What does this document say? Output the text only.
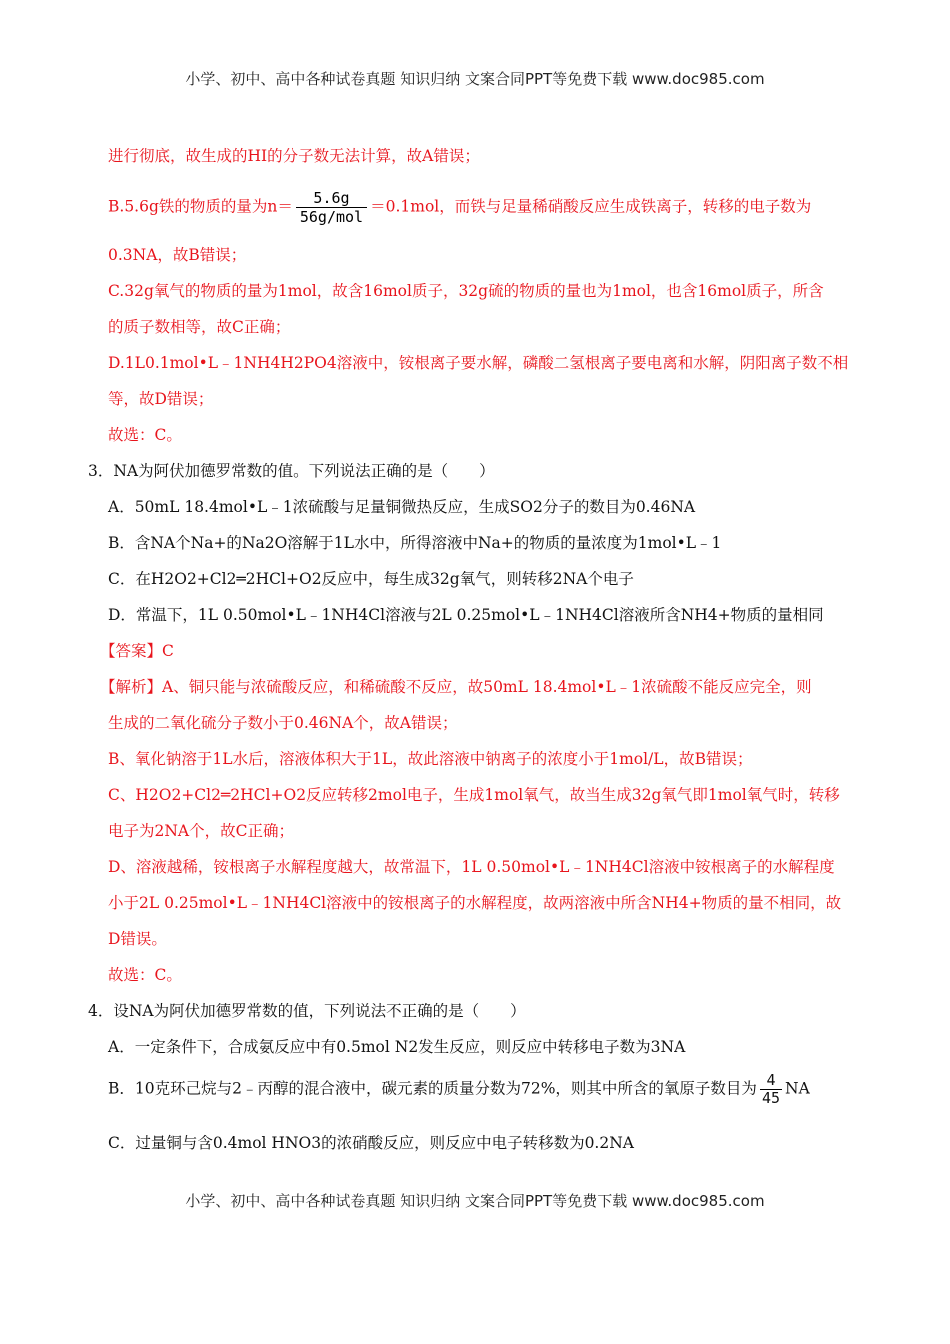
小学、初中、高中各种试卷真题 知识归纳 文案合同PPT等免费下载 www.doc985.com
进行彻底，故生成的HI的分子数无法计算，故A错误；
B.5.6g铁的物质的量为$n= \frac{5.6g}{\text{56g/mol}} =0.1mol$，而铁与足量稀硝酸反应生成铁离子，转移的电子数为
0.3NA，故B错误；
C.32g氧气的物质的量为1mol，故含16mol质子，32g硫的物质的量也为1mol，也含16mol质子，所含
的质子数相等，故C正确；
D.1L0.1mol•L﹣1NH4H2PO4溶液中，铵根离子要水解，磷酸二氢根离子要电离和水解，阴阳离子数不相
等，故D错误；
故选：C。
3．NA为阿伏加德罗常数的值。下列说法正确的是（　　）
A．50mL 18.4mol•L﹣1浓硫酸与足量铜微热反应，生成SO2分子的数目为0.46NA
B．含NA个Na+的Na2O溶解于1L水中，所得溶液中Na+的物质的量浓度为1mol•L﹣1
C．在H2O2+Cl2═2HCl+O2反应中，每生成32g氧气，则转移2NA个电子
D．常温下，1L 0.50mol•L﹣1NH4Cl溶液与2L 0.25mol•L﹣1NH4Cl溶液所含NH4+物质的量相同
【答案】C
【解析】A、铜只能与浓硫酸反应，和稀硫酸不反应，故50mL 18.4mol•L﹣1浓硫酸不能反应完全，则
生成的二氧化硫分子数小于0.46NA个，故A错误；
B、氧化钠溶于1L水后，溶液体积大于1L，故此溶液中钠离子的浓度小于1mol/L，故B错误；
C、H2O2+Cl2═2HCl+O2反应转移2mol电子，生成1mol氧气，故当生成32g氧气即1mol氧气时，转移
电子为2NA个，故C正确；
D、溶液越稀，铵根离子水解程度越大，故常温下，1L 0.50mol•L﹣1NH4Cl溶液中铵根离子的水解程度
小于2L 0.25mol•L﹣1NH4Cl溶液中的铵根离子的水解程度，故两溶液中所含NH4+物质的量不相同，故
D错误。
故选：C。
4．设NA为阿伏加德罗常数的值，下列说法不正确的是（　　）
A．一定条件下，合成氨反应中有0.5mol N2发生反应，则反应中转移电子数为3NA
B．10克环己烷与2﹣丙醇的混合液中，碳元素的质量分数为72%，则其中所含的氧原子数目为 $\frac{4}{45}$ NA
C．过量铜与含0.4mol HNO3的浓硝酸反应，则反应中电子转移数为0.2NA
小学、初中、高中各种试卷真题 知识归纳 文案合同PPT等免费下载 www.doc985.com
